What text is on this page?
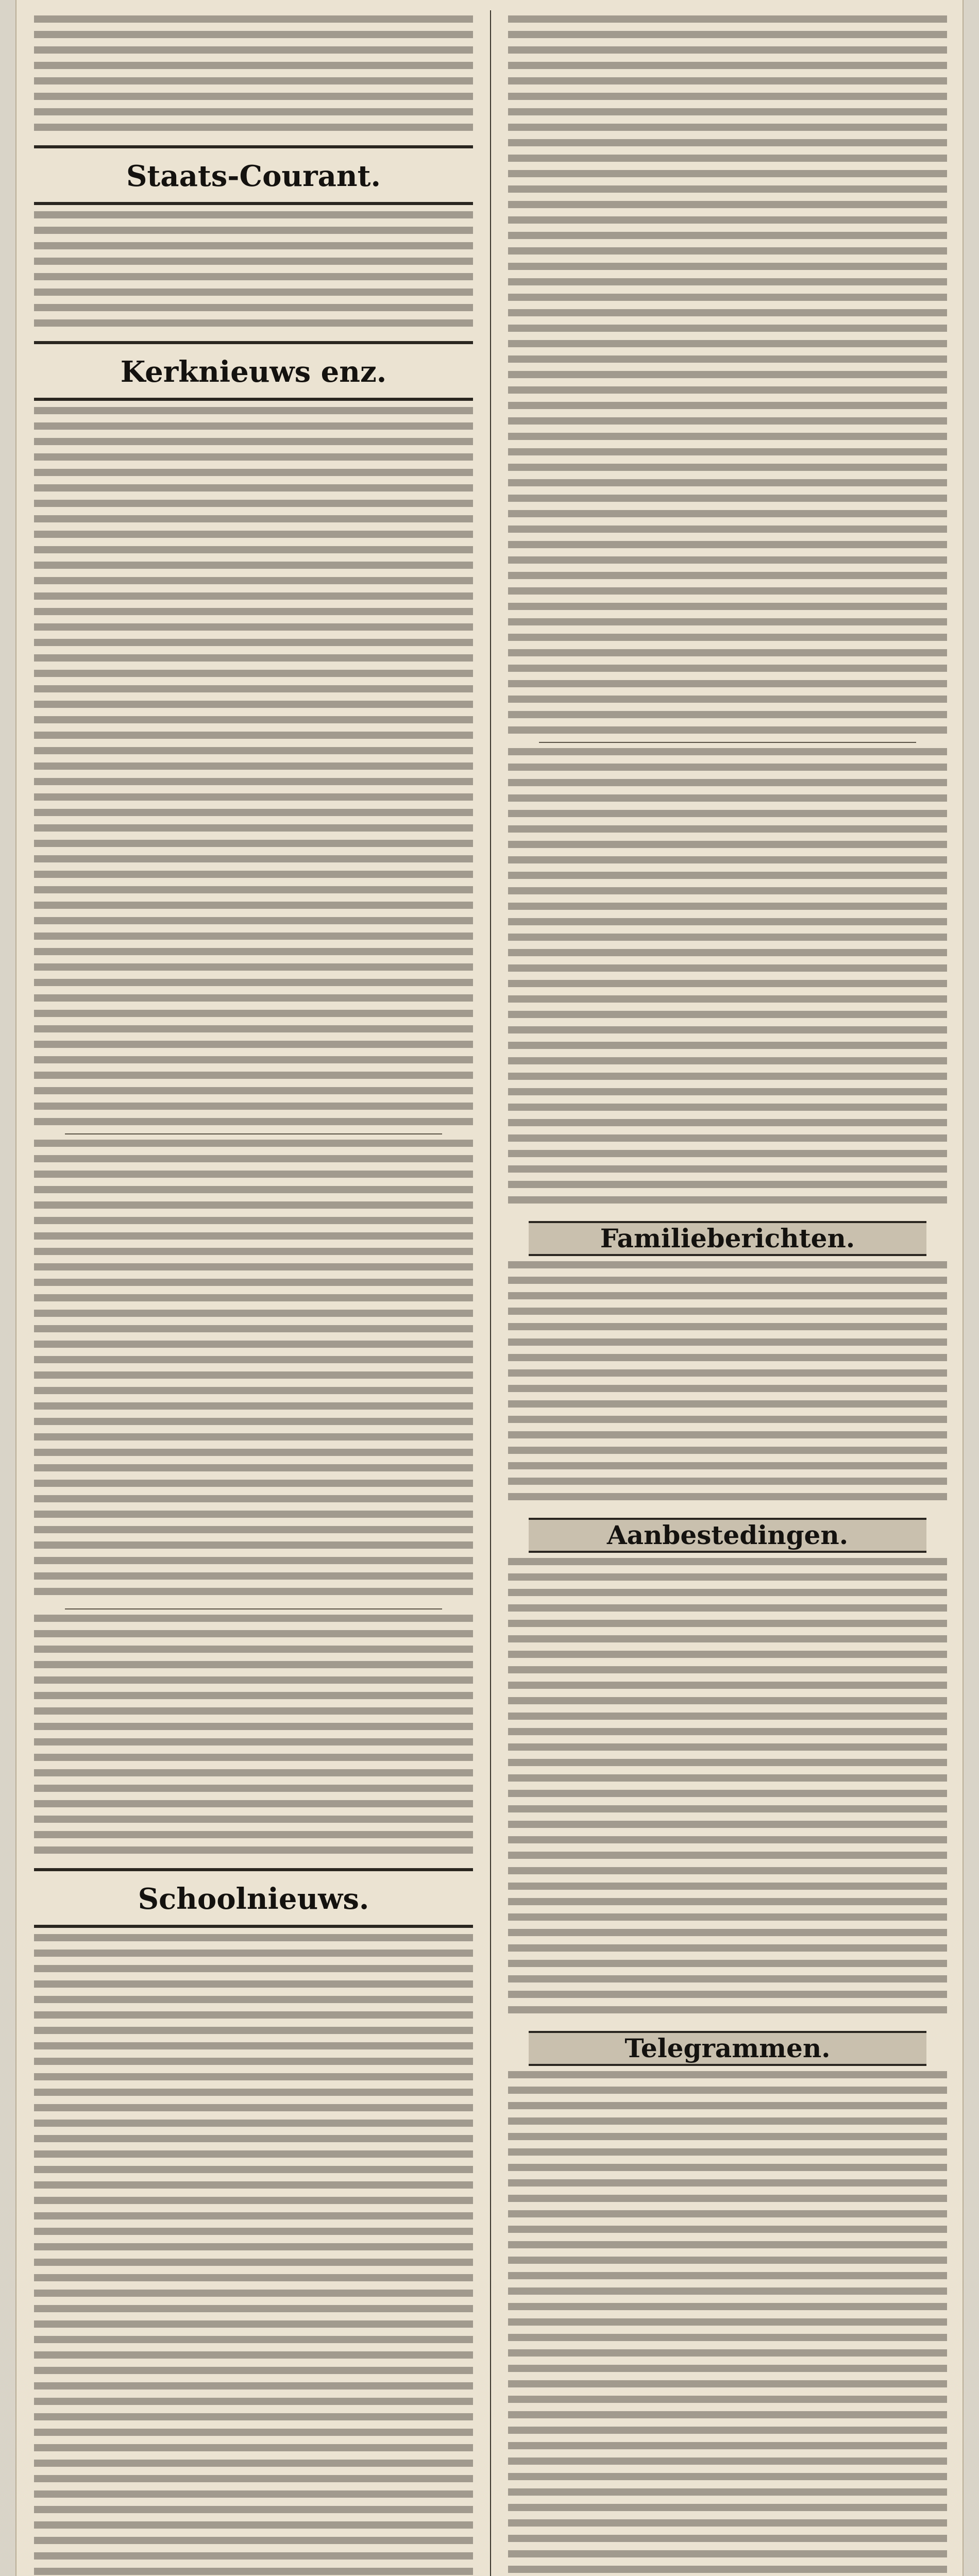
Staats-Courant.
Kerknieuws enz.
Schoolnieuws.
Familieberichten.
Aanbestedingen.
Telegrammen.
